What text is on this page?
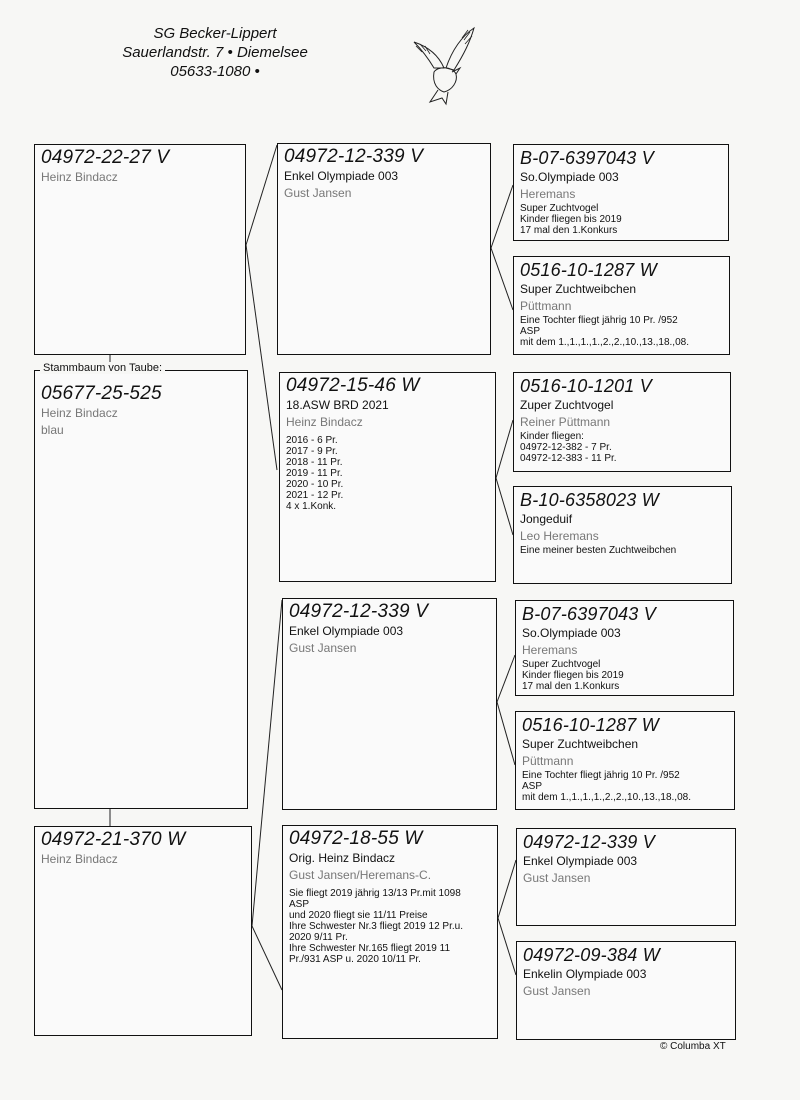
SG Becker-Lippert
Sauerlandstr. 7 • Diemelsee
05633-1080 •
04972-22-27 V
Heinz Bindacz
05677-25-525
Heinz Bindacz
blau
Stammbaum von Taube:
04972-21-370 W
Heinz Bindacz
04972-12-339 V
Enkel Olympiade 003
Gust Jansen
04972-15-46 W
18.ASW BRD 2021
Heinz Bindacz
2016 - 6 Pr.
2017 - 9 Pr.
2018 - 11 Pr.
2019 - 11 Pr.
2020 - 10 Pr.
2021 - 12 Pr.
4 x 1.Konk.
04972-12-339 V
Enkel Olympiade 003
Gust Jansen
04972-18-55 W
Orig. Heinz Bindacz
Gust Jansen/Heremans-C.
Sie fliegt 2019 jährig 13/13 Pr.mit 1098
ASP
und 2020 fliegt sie 11/11 Preise
Ihre Schwester Nr.3 fliegt 2019 12 Pr.u.
2020 9/11 Pr.
Ihre Schwester Nr.165 fliegt 2019 11
Pr./931 ASP u. 2020 10/11 Pr.
B-07-6397043 V
So.Olympiade 003
Heremans
Super Zuchtvogel
Kinder fliegen bis 2019
17 mal den 1.Konkurs
0516-10-1287 W
Super Zuchtweibchen
Püttmann
Eine Tochter fliegt jährig 10 Pr. /952
ASP
mit dem 1.,1.,1.,1.,2.,2.,10.,13.,18.,08.
0516-10-1201 V
Zuper Zuchtvogel
Reiner Püttmann
Kinder fliegen:
04972-12-382 - 7 Pr.
04972-12-383 - 11 Pr.
B-10-6358023 W
Jongeduif
Leo Heremans
Eine meiner besten Zuchtweibchen
B-07-6397043 V
So.Olympiade 003
Heremans
Super Zuchtvogel
Kinder fliegen bis 2019
17 mal den 1.Konkurs
0516-10-1287 W
Super Zuchtweibchen
Püttmann
Eine Tochter fliegt jährig 10 Pr. /952
ASP
mit dem 1.,1.,1.,1.,2.,2.,10.,13.,18.,08.
04972-12-339 V
Enkel Olympiade 003
Gust Jansen
04972-09-384 W
Enkelin Olympiade 003
Gust Jansen
© Columba XT
